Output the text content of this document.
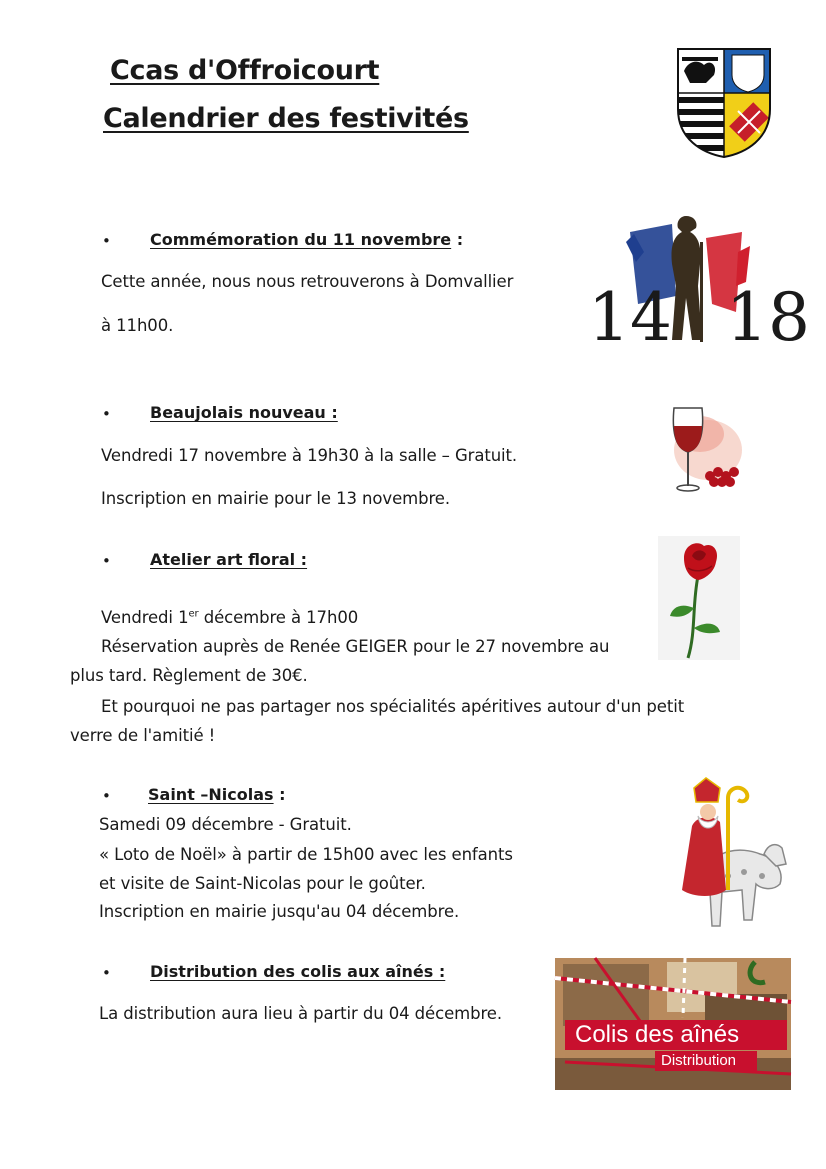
Ccas d'Offroicourt
Calendrier des festivités
• Commémoration du 11 novembre :
Cette année, nous nous retrouverons à Domvallier
à 11h00.	14 18
• Beaujolais nouveau :
Vendredi 17 novembre à 19h30 à la salle – Gratuit.
Inscription en mairie pour le 13 novembre.
• Atelier art floral :
Vendredi 1er décembre à 17h00
Réservation auprès de Renée GEIGER pour le 27 novembre au
plus tard. Règlement de 30€.
Et pourquoi ne pas partager nos spécialités apéritives autour d'un petit
verre de l'amitié !
• Saint –Nicolas :
Samedi 09 décembre - Gratuit.
« Loto de Noël» à partir de 15h00 avec les enfants
et visite de Saint-Nicolas pour le goûter.
Inscription en mairie jusqu'au 04 décembre.
• Distribution des colis aux aînés :
La distribution aura lieu à partir du 04 décembre.
Colis des aînés
Distribution
